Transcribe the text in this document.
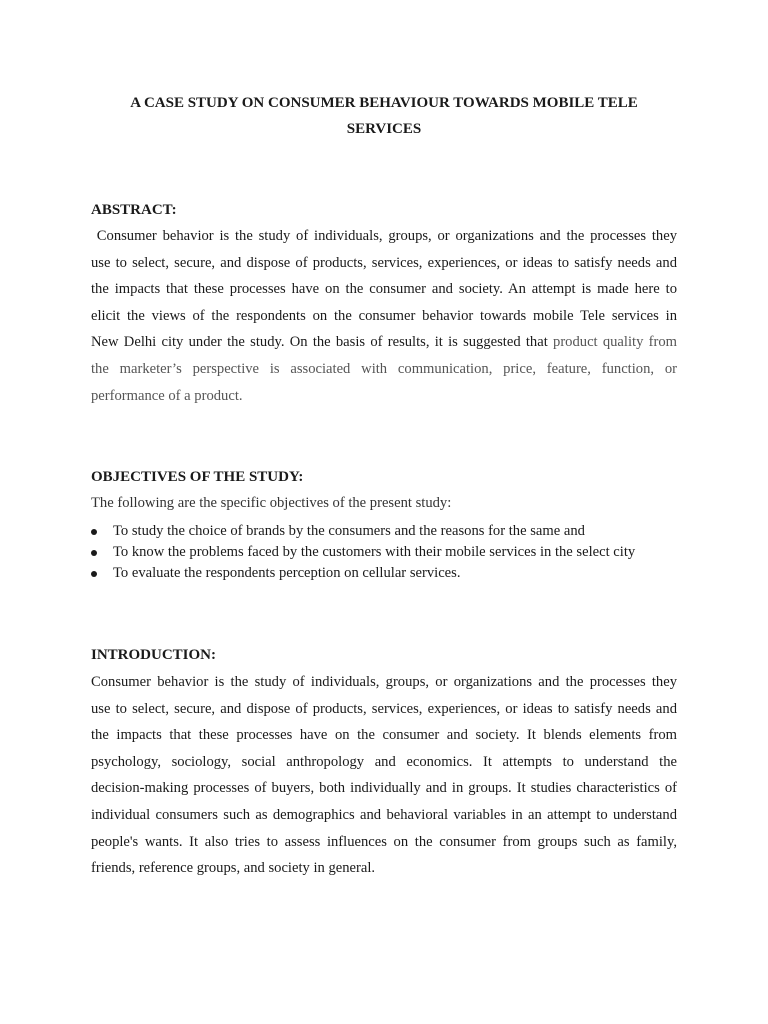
A CASE STUDY ON CONSUMER BEHAVIOUR TOWARDS MOBILE TELE
SERVICES

ABSTRACT:

Consumer behavior is the study of individuals, groups, or organizations and the processes they
use to select, secure, and dispose of products, services, experiences, or ideas to satisfy needs and
the impacts that these processes have on the consumer and society. An attempt is made here to
elicit the views of the respondents on the consumer behavior towards mobile Tele services in
New Delhi city under the study. On the basis of results, it is suggested that product quality from
the marketer’s perspective is associated with communication, price, feature, function, or
performance of a product.

OBJECTIVES OF THE STUDY:

The following are the specific objectives of the present study:

To study the choice of brands by the consumers and the reasons for the same and
To know the problems faced by the customers with their mobile services in the select city
To evaluate the respondents perception on cellular services.

INTRODUCTION:

Consumer behavior is the study of individuals, groups, or organizations and the processes they
use to select, secure, and dispose of products, services, experiences, or ideas to satisfy needs and
the impacts that these processes have on the consumer and society. It blends elements from
psychology, sociology, social anthropology and economics. It attempts to understand the
decision-making processes of buyers, both individually and in groups. It studies characteristics of
individual consumers such as demographics and behavioral variables in an attempt to understand
people's wants. It also tries to assess influences on the consumer from groups such as family,
friends, reference groups, and society in general.
